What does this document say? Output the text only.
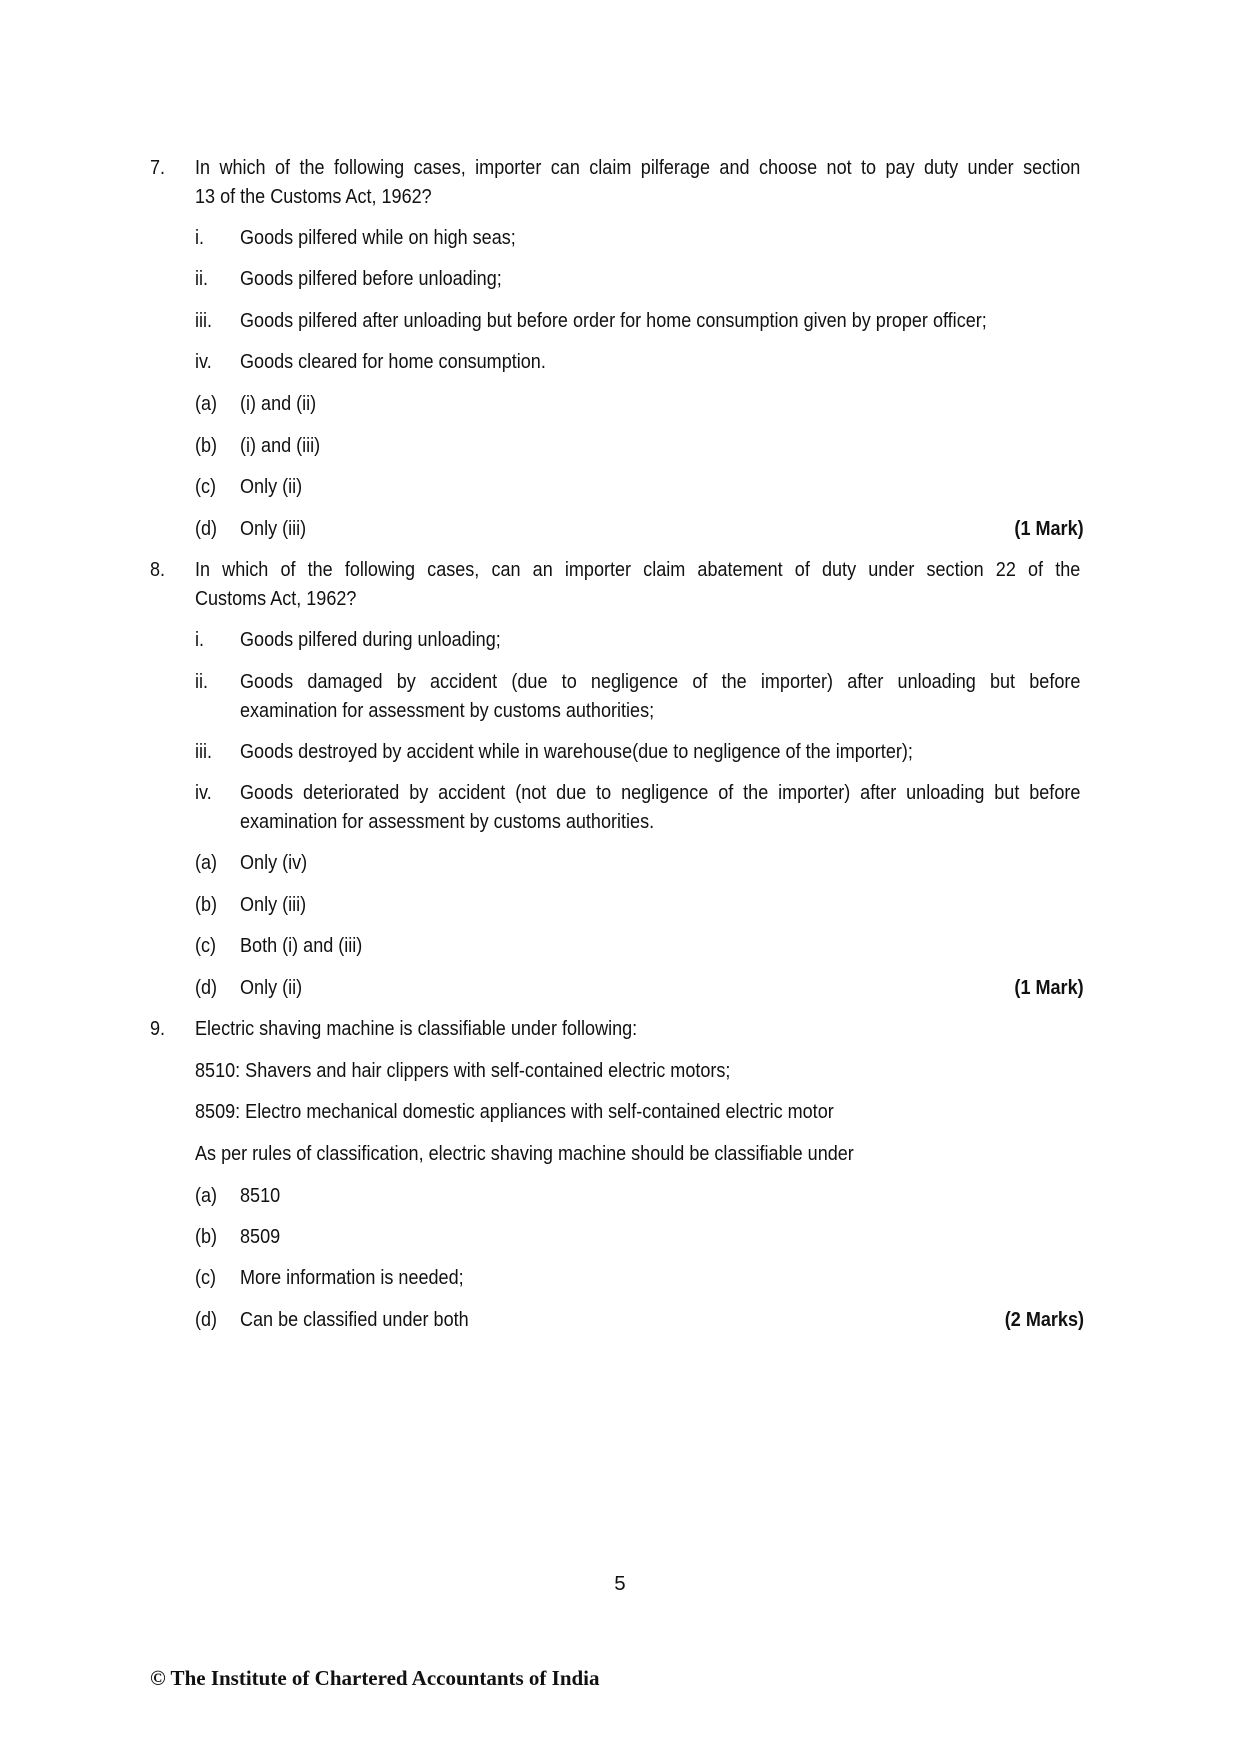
7. In which of the following cases, importer can claim pilferage and choose not to pay duty under section
13 of the Customs Act, 1962?
i. Goods pilfered while on high seas;
ii. Goods pilfered before unloading;
iii. Goods pilfered after unloading but before order for home consumption given by proper officer;
iv. Goods cleared for home consumption.
(a) (i) and (ii)
(b) (i) and (iii)
(c) Only (ii)
(d) Only (iii)	(1 Mark)
8. In which of the following cases, can an importer claim abatement of duty under section 22 of the
Customs Act, 1962?
i. Goods pilfered during unloading;
ii. Goods damaged by accident (due to negligence of the importer) after unloading but before
examination for assessment by customs authorities;
iii. Goods destroyed by accident while in warehouse(due to negligence of the importer);
iv. Goods deteriorated by accident (not due to negligence of the importer) after unloading but before
examination for assessment by customs authorities.
(a) Only (iv)
(b) Only (iii)
(c) Both (i) and (iii)
(d) Only (ii)	(1 Mark)
9. Electric shaving machine is classifiable under following:
8510: Shavers and hair clippers with self-contained electric motors;
8509: Electro mechanical domestic appliances with self-contained electric motor
As per rules of classification, electric shaving machine should be classifiable under
(a) 8510
(b) 8509
(c) More information is needed;
(d) Can be classified under both	(2 Marks)
5
© The Institute of Chartered Accountants of India
